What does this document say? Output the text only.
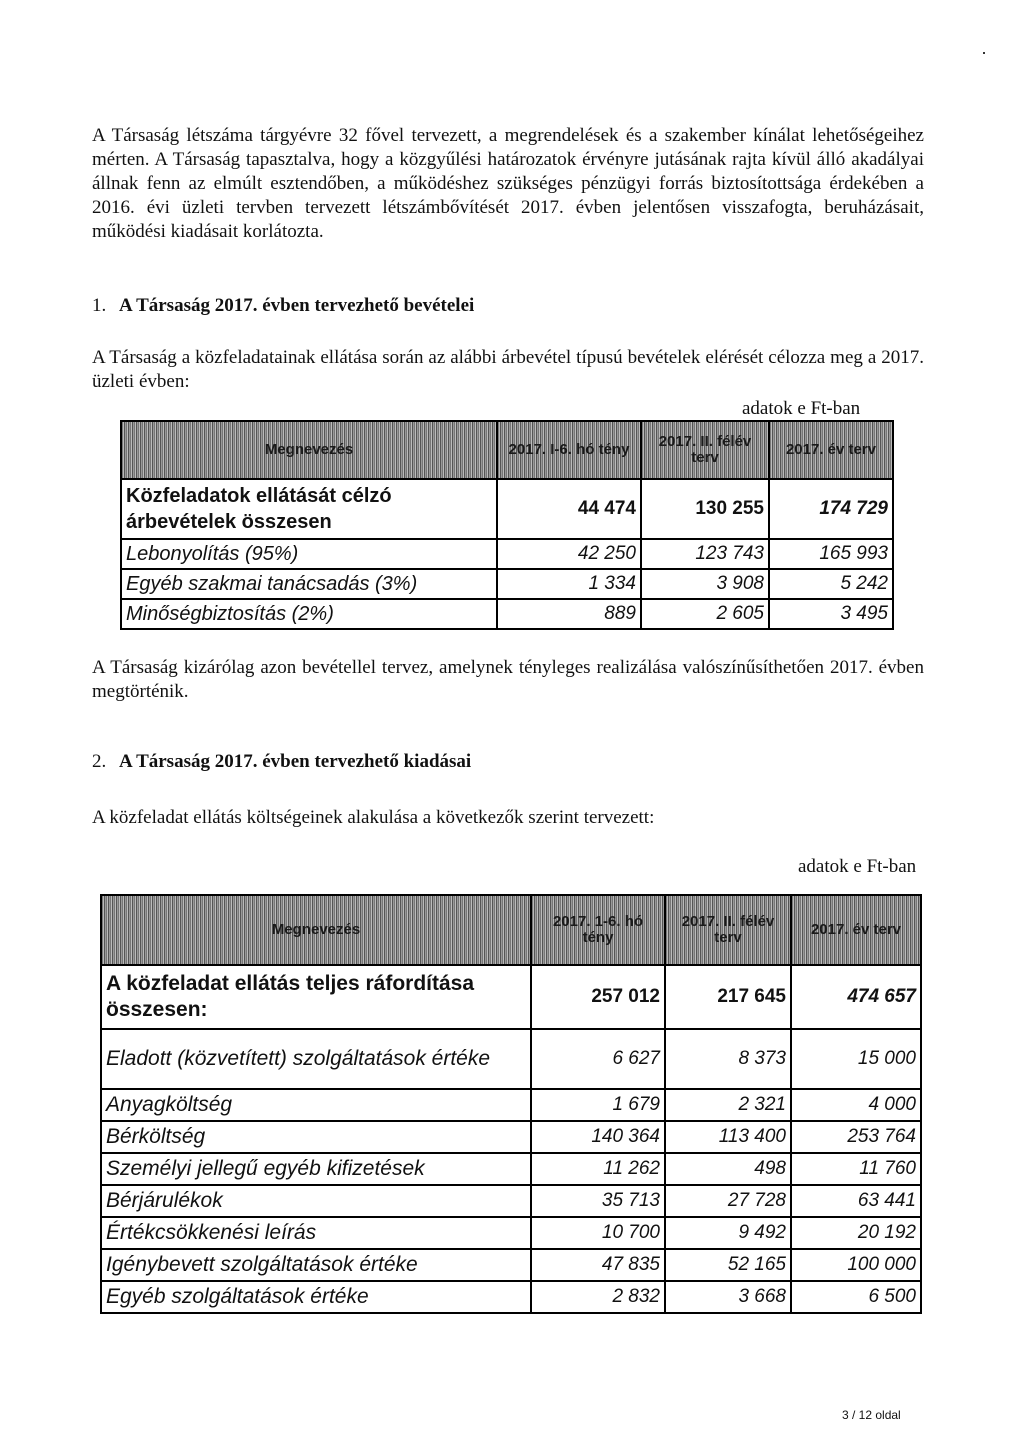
A Társaság létszáma tárgyévre 32 fővel tervezett, a megrendelések és a szakember kínálat lehetőségeihez mérten. A Társaság tapasztalva, hogy a közgyűlési határozatok érvényre jutásának rajta kívül álló akadályai állnak fenn az elmúlt esztendőben, a működéshez szükséges pénzügyi forrás biztosítottsága érdekében a 2016. évi üzleti tervben tervezett létszámbővítését 2017. évben jelentősen visszafogta, beruházásait, működési kiadásait korlátozta.

1. A Társaság 2017. évben tervezhető bevételei

A Társaság a közfeladatainak ellátása során az alábbi árbevétel típusú bevételek elérését célozza meg a 2017. üzleti évben:

adatok e Ft-ban

Megnevezés	2017. I-6. hó tény	2017. II. félév terv	2017. év terv
Közfeladatok ellátását célzó árbevételek összesen	44 474	130 255	174 729
Lebonyolítás (95%)	42 250	123 743	165 993
Egyéb szakmai tanácsadás (3%)	1 334	3 908	5 242
Minőségbiztosítás (2%)	889	2 605	3 495

A Társaság kizárólag azon bevétellel tervez, amelynek tényleges realizálása valószínűsíthetően 2017. évben megtörténik.

2. A Társaság 2017. évben tervezhető kiadásai

A közfeladat ellátás költségeinek alakulása a következők szerint tervezett:

adatok e Ft-ban

Megnevezés	2017. 1-6. hó tény	2017. II. félév terv	2017. év terv
A közfeladat ellátás teljes ráfordítása összesen:	257 012	217 645	474 657
Eladott (közvetített) szolgáltatások értéke	6 627	8 373	15 000
Anyagköltség	1 679	2 321	4 000
Bérköltség	140 364	113 400	253 764
Személyi jellegű egyéb kifizetések	11 262	498	11 760
Bérjárulékok	35 713	27 728	63 441
Értékcsökkenési leírás	10 700	9 492	20 192
Igénybevett szolgáltatások értéke	47 835	52 165	100 000
Egyéb szolgáltatások értéke	2 832	3 668	6 500
3 / 12 oldal
